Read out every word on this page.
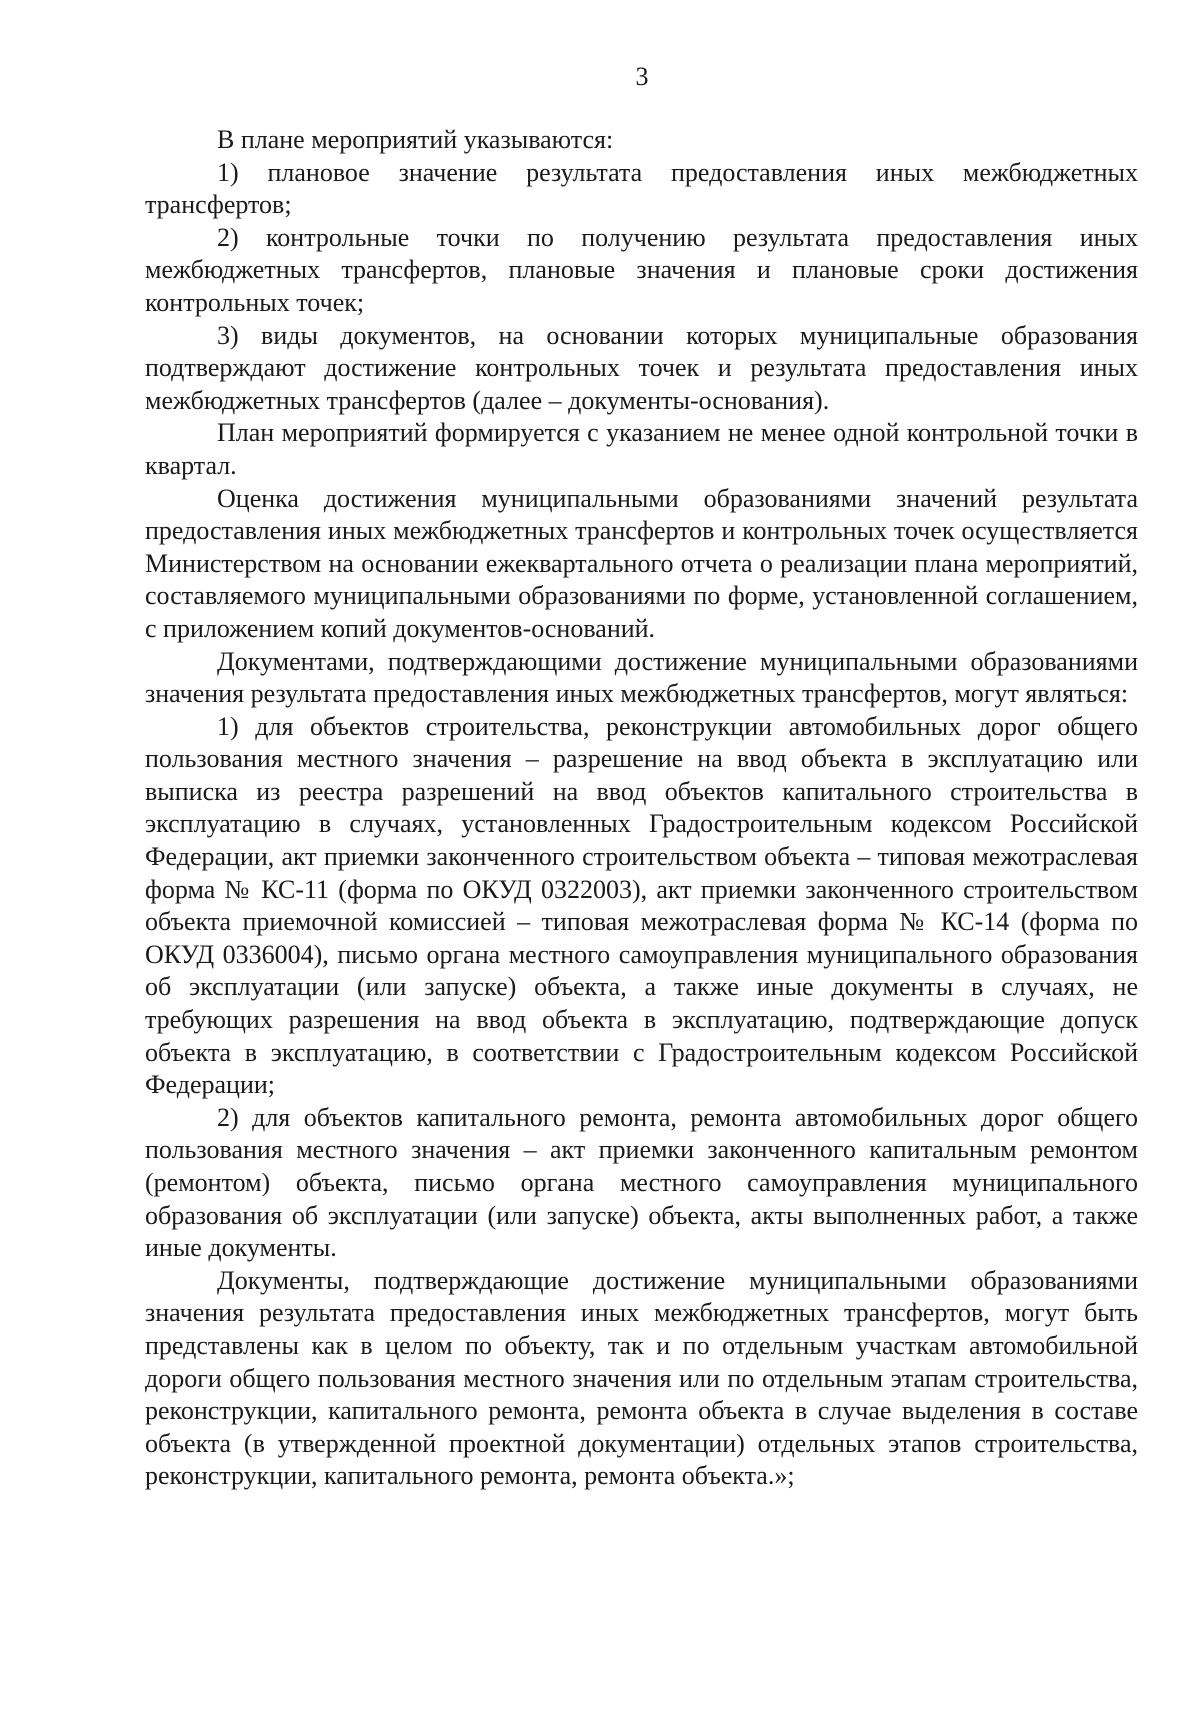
3

В плане мероприятий указываются:

1) плановое значение результата предоставления иных межбюджетных трансфертов;

2) контрольные точки по получению результата предоставления иных межбюджетных трансфертов, плановые значения и плановые сроки достижения контрольных точек;

3) виды документов, на основании которых муниципальные образования подтверждают достижение контрольных точек и результата предоставления иных межбюджетных трансфертов (далее – документы-основания).

План мероприятий формируется с указанием не менее одной контрольной точки в квартал.

Оценка достижения муниципальными образованиями значений результата предоставления иных межбюджетных трансфертов и контрольных точек осуществляется Министерством на основании ежеквартального отчета о реализации плана мероприятий, составляемого муниципальными образованиями по форме, установленной соглашением, с приложением копий документов-оснований.

Документами, подтверждающими достижение муниципальными образованиями значения результата предоставления иных межбюджетных трансфертов, могут являться:

1) для объектов строительства, реконструкции автомобильных дорог общего пользования местного значения – разрешение на ввод объекта в эксплуатацию или выписка из реестра разрешений на ввод объектов капитального строительства в эксплуатацию в случаях, установленных Градостроительным кодексом Российской Федерации, акт приемки законченного строительством объекта – типовая межотраслевая форма № КС-11 (форма по ОКУД 0322003), акт приемки законченного строительством объекта приемочной комиссией – типовая межотраслевая форма № КС-14 (форма по ОКУД 0336004), письмо органа местного самоуправления муниципального образования об эксплуатации (или запуске) объекта, а также иные документы в случаях, не требующих разрешения на ввод объекта в эксплуатацию, подтверждающие допуск объекта в эксплуатацию, в соответствии с Градостроительным кодексом Российской Федерации;

2) для объектов капитального ремонта, ремонта автомобильных дорог общего пользования местного значения – акт приемки законченного капитальным ремонтом (ремонтом) объекта, письмо органа местного самоуправления муниципального образования об эксплуатации (или запуске) объекта, акты выполненных работ, а также иные документы.

Документы, подтверждающие достижение муниципальными образованиями значения результата предоставления иных межбюджетных трансфертов, могут быть представлены как в целом по объекту, так и по отдельным участкам автомобильной дороги общего пользования местного значения или по отдельным этапам строительства, реконструкции, капитального ремонта, ремонта объекта в случае выделения в составе объекта (в утвержденной проектной документации) отдельных этапов строительства, реконструкции, капитального ремонта, ремонта объекта.»;
